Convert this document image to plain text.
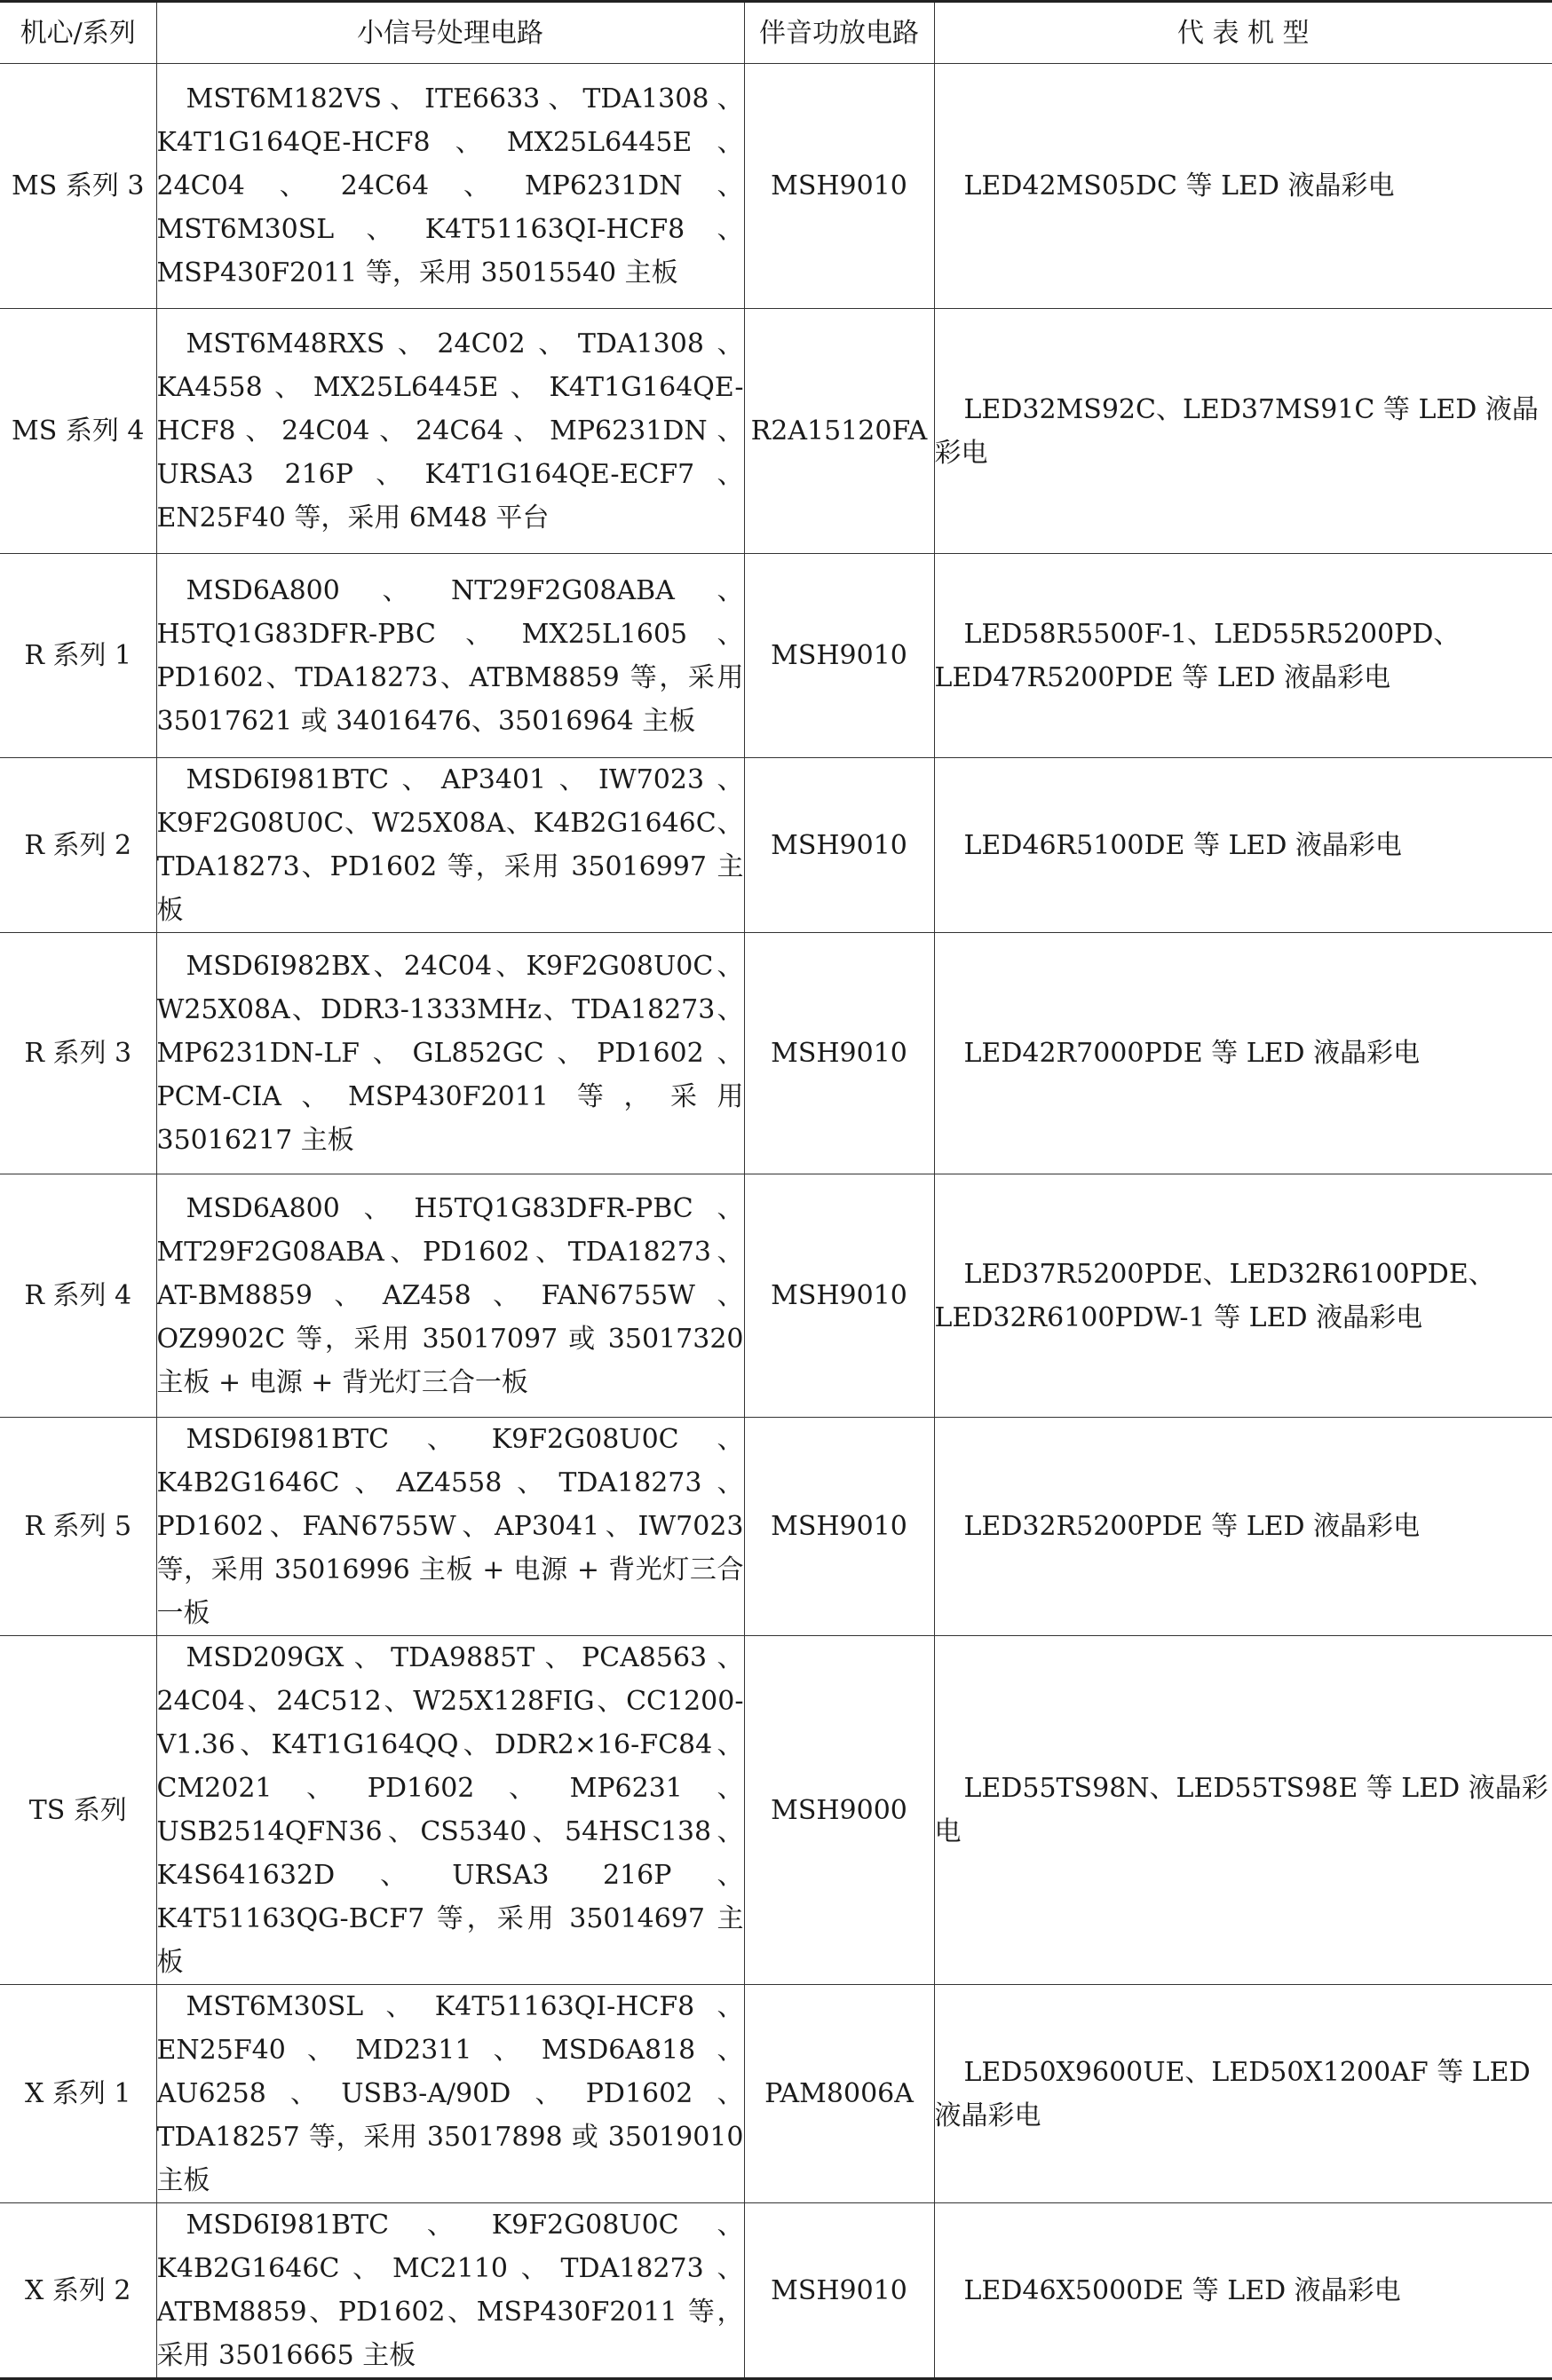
机心/系列	小信号处理电路	伴音功放电路	代 表 机 型
MS 系列 3	MST6M182VS、ITE6633、TDA1308、K4T1G164QE-HCF8、MX25L6445E、24C04、24C64、MP6231DN、MST6M30SL、K4T51163QI-HCF8、MSP430F2011 等，采用 35015540 主板	MSH9010	LED42MS05DC 等 LED 液晶彩电
MS 系列 4	MST6M48RXS、24C02、TDA1308、KA4558、MX25L6445E、K4T1G164QE-HCF8、24C04、24C64、MP6231DN、URSA3 216P、K4T1G164QE-ECF7、EN25F40 等，采用 6M48 平台	R2A15120FA	LED32MS92C、LED37MS91C 等 LED 液晶彩电
R 系列 1	MSD6A800、NT29F2G08ABA、H5TQ1G83DFR-PBC、MX25L1605、PD1602、TDA18273、ATBM8859 等，采用 35017621 或 34016476、35016964 主板	MSH9010	LED58R5500F-1、LED55R5200PD、LED47R5200PDE 等 LED 液晶彩电
R 系列 2	MSD6I981BTC、AP3401、IW7023、K9F2G08U0C、W25X08A、K4B2G1646C、TDA18273、PD1602 等，采用 35016997 主板	MSH9010	LED46R5100DE 等 LED 液晶彩电
R 系列 3	MSD6I982BX、24C04、K9F2G08U0C、W25X08A、DDR3-1333MHz、TDA18273、MP6231DN-LF、GL852GC、PD1602、PCM-CIA、MSP430F2011 等，采用 35016217 主板	MSH9010	LED42R7000PDE 等 LED 液晶彩电
R 系列 4	MSD6A800、H5TQ1G83DFR-PBC、MT29F2G08ABA、PD1602、TDA18273、AT-BM8859、AZ458、FAN6755W、OZ9902C 等，采用 35017097 或 35017320 主板 + 电源 + 背光灯三合一板	MSH9010	LED37R5200PDE、LED32R6100PDE、LED32R6100PDW-1 等 LED 液晶彩电
R 系列 5	MSD6I981BTC、K9F2G08U0C、K4B2G1646C、AZ4558、TDA18273、PD1602、FAN6755W、AP3041、IW7023 等，采用 35016996 主板 + 电源 + 背光灯三合一板	MSH9010	LED32R5200PDE 等 LED 液晶彩电
TS 系列	MSD209GX、TDA9885T、PCA8563、24C04、24C512、W25X128FIG、CC1200-V1.36、K4T1G164QQ、DDR2×16-FC84、CM2021、PD1602、MP6231、USB2514QFN36、CS5340、54HSC138、K4S641632D、URSA3 216P、K4T51163QG-BCF7 等，采用 35014697 主板	MSH9000	LED55TS98N、LED55TS98E 等 LED 液晶彩电
X 系列 1	MST6M30SL、K4T51163QI-HCF8、EN25F40、MD2311、MSD6A818、AU6258、USB3-A/90D、PD1602、TDA18257 等，采用 35017898 或 35019010 主板	PAM8006A	LED50X9600UE、LED50X1200AF 等 LED 液晶彩电
X 系列 2	MSD6I981BTC、K9F2G08U0C、K4B2G1646C、MC2110、TDA18273、ATBM8859、PD1602、MSP430F2011 等，采用 35016665 主板	MSH9010	LED46X5000DE 等 LED 液晶彩电
